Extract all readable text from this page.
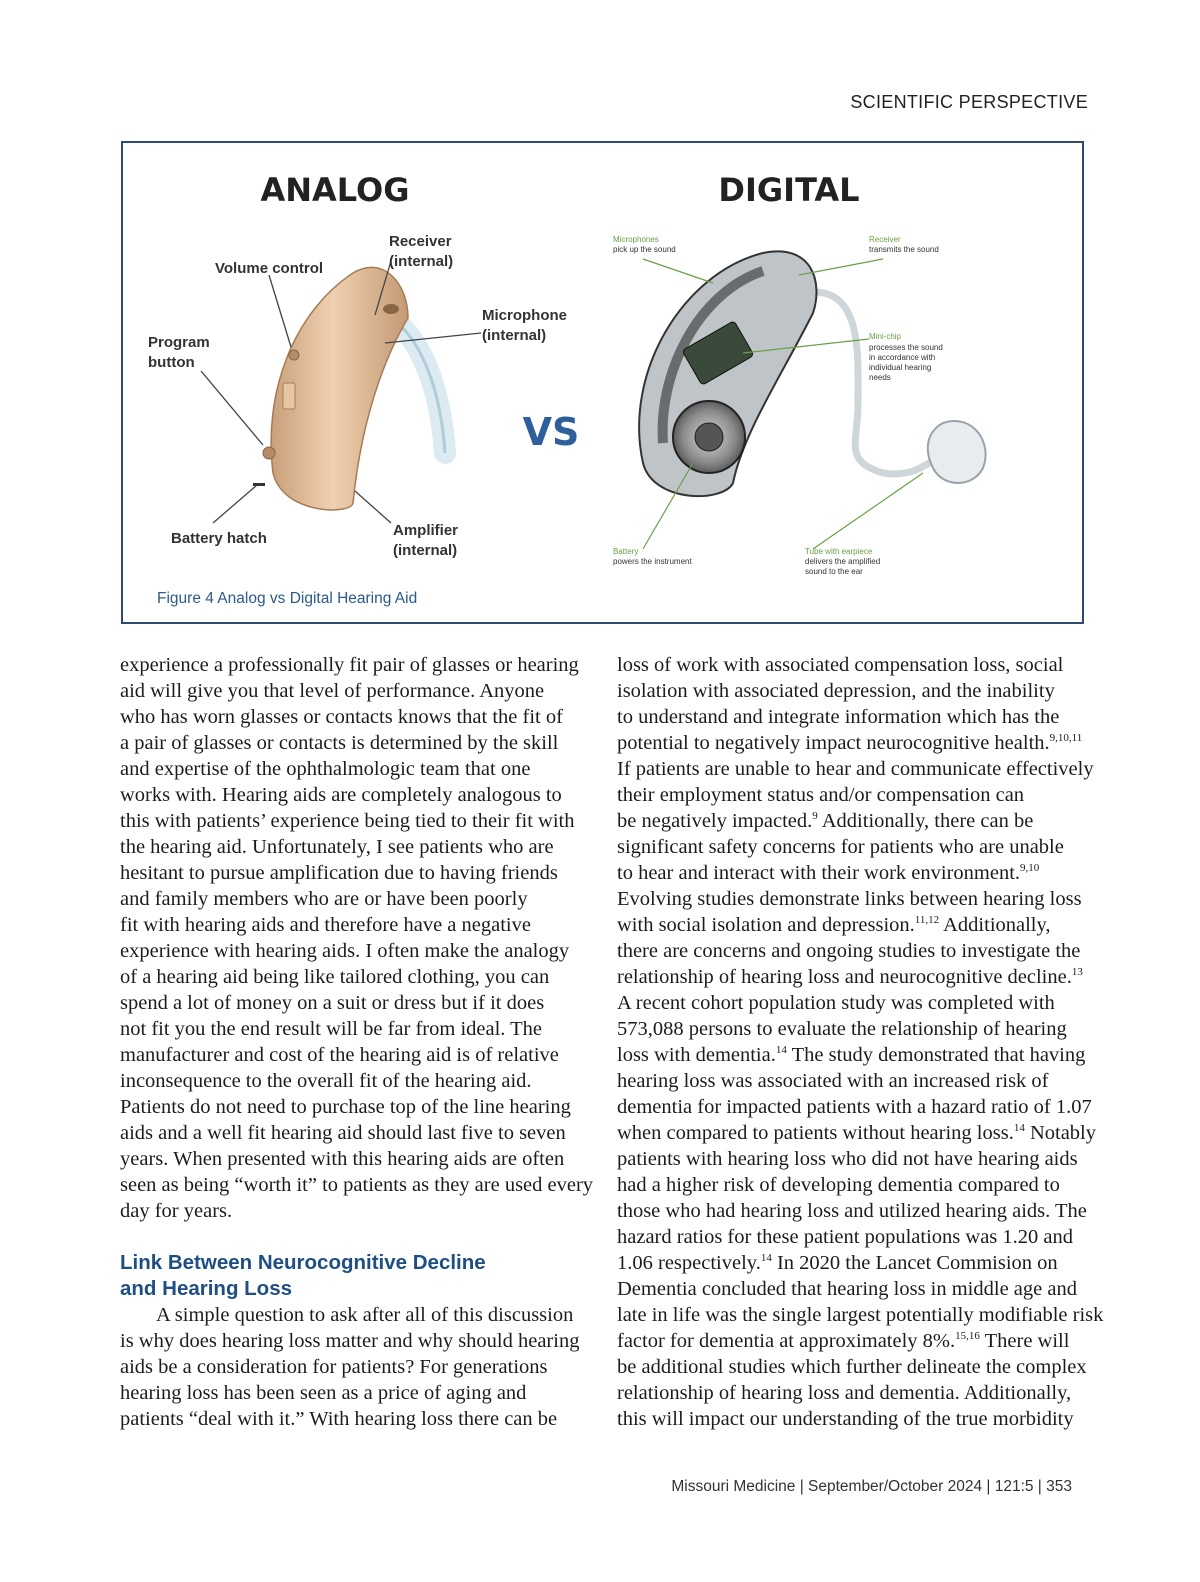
SCIENTIFIC PERSPECTIVE
ANALOG	DIGITAL
VS
Volume control
Receiver
(internal)
Microphone
(internal)
Program
button
Battery hatch	Amplifier
(internal)
Microphones
pick up the sound
Receiver
transmits the sound
Mini-chip
processes the sound
in accordance with
individual hearing
needs
Battery
powers the instrument
Tube with earpiece
delivers the amplified
sound to the ear
Figure 4 Analog vs Digital Hearing Aid
experience a professionally fit pair of glasses or hearing
aid will give you that level of performance. Anyone
who has worn glasses or contacts knows that the fit of
a pair of glasses or contacts is determined by the skill
and expertise of the ophthalmologic team that one
works with. Hearing aids are completely analogous to
this with patients’ experience being tied to their fit with
the hearing aid. Unfortunately, I see patients who are
hesitant to pursue amplification due to having friends
and family members who are or have been poorly
fit with hearing aids and therefore have a negative
experience with hearing aids. I often make the analogy
of a hearing aid being like tailored clothing, you can
spend a lot of money on a suit or dress but if it does
not fit you the end result will be far from ideal. The
manufacturer and cost of the hearing aid is of relative
inconsequence to the overall fit of the hearing aid.
Patients do not need to purchase top of the line hearing
aids and a well fit hearing aid should last five to seven
years. When presented with this hearing aids are often
seen as being “worth it” to patients as they are used every
day for years.
Link Between Neurocognitive Decline
and Hearing Loss
A simple question to ask after all of this discussion
is why does hearing loss matter and why should hearing
aids be a consideration for patients? For generations
hearing loss has been seen as a price of aging and
patients “deal with it.” With hearing loss there can be
loss of work with associated compensation loss, social
isolation with associated depression, and the inability
to understand and integrate information which has the
potential to negatively impact neurocognitive health.$^{9,10,11}$
If patients are unable to hear and communicate effectively
their employment status and/or compensation can
be negatively impacted.$^9$ Additionally, there can be
significant safety concerns for patients who are unable
to hear and interact with their work environment.$^{9,10}$
Evolving studies demonstrate links between hearing loss
with social isolation and depression.$^{11,12}$ Additionally,
there are concerns and ongoing studies to investigate the
relationship of hearing loss and neurocognitive decline.$^{13}$
A recent cohort population study was completed with
573,088 persons to evaluate the relationship of hearing
loss with dementia.$^{14}$ The study demonstrated that having
hearing loss was associated with an increased risk of
dementia for impacted patients with a hazard ratio of 1.07
when compared to patients without hearing loss.$^{14}$ Notably
patients with hearing loss who did not have hearing aids
had a higher risk of developing dementia compared to
those who had hearing loss and utilized hearing aids. The
hazard ratios for these patient populations was 1.20 and
1.06 respectively.$^{14}$ In 2020 the Lancet Commision on
Dementia concluded that hearing loss in middle age and
late in life was the single largest potentially modifiable risk
factor for dementia at approximately 8%.$^{15,16}$ There will
be additional studies which further delineate the complex
relationship of hearing loss and dementia. Additionally,
this will impact our understanding of the true morbidity
Missouri Medicine | September/October 2024 | 121:5 | 353
